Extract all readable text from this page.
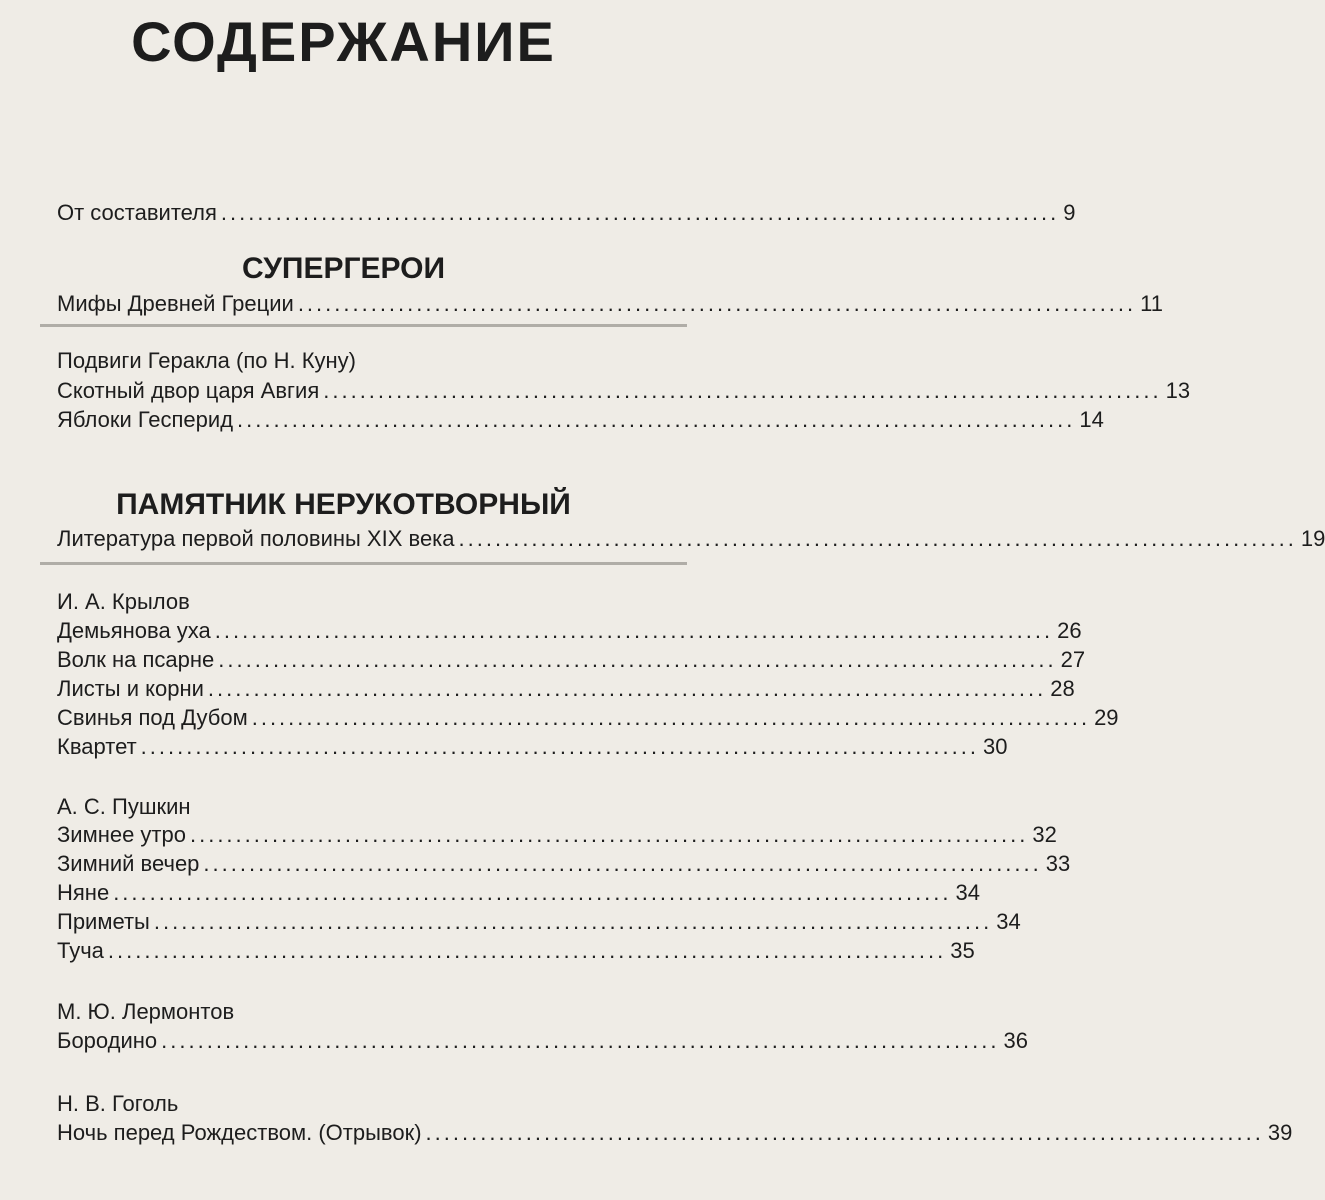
СОДЕРЖАНИЕ
От составителя ............................................................................................ 9
СУПЕРГЕРОИ
Мифы Древней Греции ............................................................................................ 11
Подвиги Геракла (по Н. Куну)
Скотный двор царя Авгия ............................................................................................ 13
Яблоки Гесперид ............................................................................................ 14
ПАМЯТНИК НЕРУКОТВОРНЫЙ
Литература первой половины XIX века ............................................................................................ 19
И. А. Крылов
Демьянова уха ............................................................................................ 26
Волк на псарне ............................................................................................ 27
Листы и корни ............................................................................................ 28
Свинья под Дубом ............................................................................................ 29
Квартет ............................................................................................ 30
А. С. Пушкин
Зимнее утро ............................................................................................ 32
Зимний вечер ............................................................................................ 33
Няне ............................................................................................ 34
Приметы ............................................................................................ 34
Туча ............................................................................................ 35
М. Ю. Лермонтов
Бородино ............................................................................................ 36
Н. В. Гоголь
Ночь перед Рождеством. (Отрывок) ............................................................................................ 39
